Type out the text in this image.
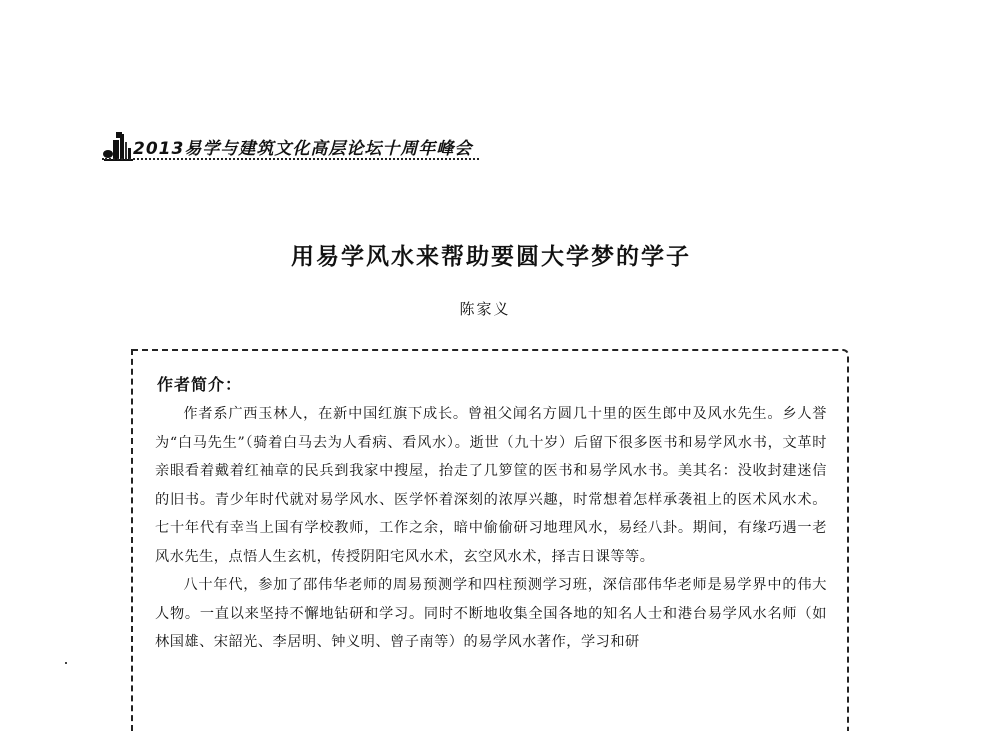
2013易学与建筑文化高层论坛十周年峰会
用易学风水来帮助要圆大学梦的学子
陈家义
作者简介：

作者系广西玉林人，在新中国红旗下成长。曾祖父闻名方圆几十里的医生郎中及风水先生。乡人誉为“白马先生”（骑着白马去为人看病、看风水）。逝世（九十岁）后留下很多医书和易学风水书，文革时亲眼看着戴着红袖章的民兵到我家中搜屋，抬走了几箩筐的医书和易学风水书。美其名：没收封建迷信的旧书。青少年时代就对易学风水、医学怀着深刻的浓厚兴趣，时常想着怎样承袭祖上的医术风水术。七十年代有幸当上国有学校教师，工作之余，暗中偷偷研习地理风水，易经八卦。期间，有缘巧遇一老风水先生，点悟人生玄机，传授阴阳宅风水术，玄空风水术，择吉日课等等。

八十年代，参加了邵伟华老师的周易预测学和四柱预测学习班，深信邵伟华老师是易学界中的伟大人物。一直以来坚持不懈地钻研和学习。同时不断地收集全国各地的知名人士和港台易学风水名师（如林国雄、宋韶光、李居明、钟义明、曾子南等）的易学风水著作，学习和研
